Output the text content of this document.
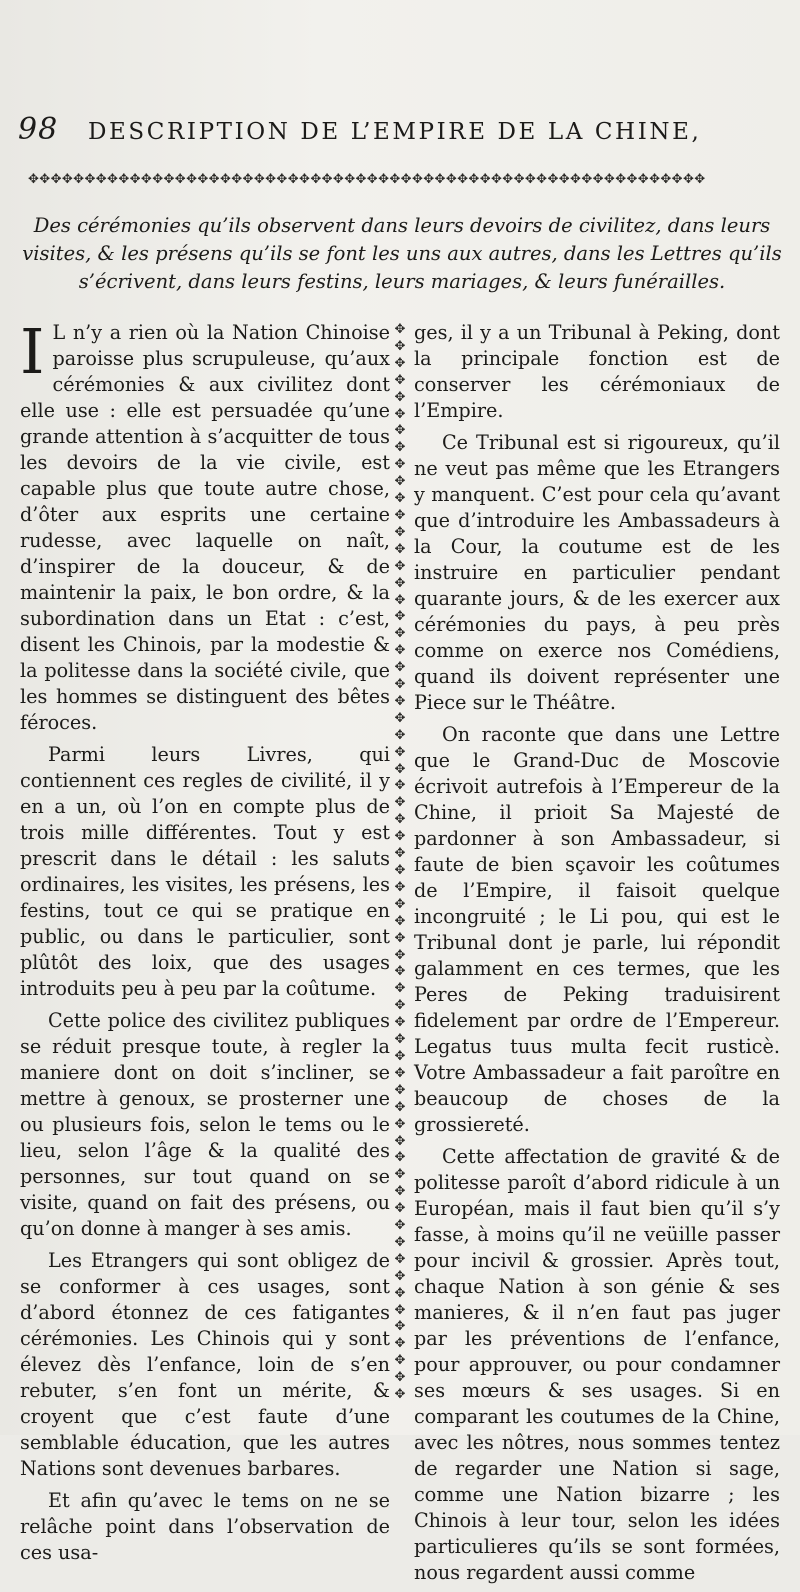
98	DESCRIPTION DE L’EMPIRE DE LA CHINE,
✥✥✥✥✥✥✥✥✥✥✥✥✥✥✥✥✥✥✥✥✥✥✥✥✥✥✥✥✥✥✥✥✥✥✥✥✥✥✥✥✥✥✥✥✥✥✥✥✥✥✥✥✥✥✥✥✥✥✥✥
Des cérémonies qu’ils observent dans leurs devoirs de civilitez, dans leurs visites, & les présens qu’ils se font les uns aux autres, dans les Lettres qu’ils s’écrivent, dans leurs festins, leurs mariages, & leurs funérailles.

I L n’y a rien où la Nation Chinoise paroisse plus scrupuleuse, qu’aux cérémonies & aux civilitez dont elle use : elle est persuadée qu’une grande attention à s’acquitter de tous les devoirs de la vie civile, est capable plus que toute autre chose, d’ôter aux esprits une certaine rudesse, avec laquelle on naît, d’inspirer de la douceur, & de maintenir la paix, le bon ordre, & la subordination dans un Etat : c’est, disent les Chinois, par la modestie & la politesse dans la société civile, que les hommes se distinguent des bêtes féroces.

Parmi leurs Livres, qui contiennent ces regles de civilité, il y en a un, où l’on en compte plus de trois mille différentes. Tout y est prescrit dans le détail : les saluts ordinaires, les visites, les présens, les festins, tout ce qui se pratique en public, ou dans le particulier, sont plûtôt des loix, que des usages introduits peu à peu par la coûtume.

Cette police des civilitez publiques se réduit presque toute, à regler la maniere dont on doit s’incliner, se mettre à genoux, se prosterner une ou plusieurs fois, selon le tems ou le lieu, selon l’âge & la qualité des personnes, sur tout quand on se visite, quand on fait des présens, ou qu’on donne à manger à ses amis.

Les Etrangers qui sont obligez de se conformer à ces usages, sont d’abord étonnez de ces fatigantes cérémonies. Les Chinois qui y sont élevez dès l’enfance, loin de s’en rebuter, s’en font un mérite, & croyent que c’est faute d’une semblable éducation, que les autres Nations sont devenues barbares.

Et afin qu’avec le tems on ne se relâche point dans l’observation de ces usa-

✥✥✥✥✥✥✥✥✥✥✥✥✥✥✥✥✥✥✥✥✥✥✥✥✥✥✥✥✥✥✥✥✥✥✥✥✥✥✥✥✥✥✥✥✥✥✥✥✥✥✥✥✥✥✥✥✥✥✥✥✥✥✥✥

ges, il y a un Tribunal à Peking, dont la principale fonction est de conserver les cérémoniaux de l’Empire.

Ce Tribunal est si rigoureux, qu’il ne veut pas même que les Etrangers y manquent. C’est pour cela qu’avant que d’introduire les Ambassadeurs à la Cour, la coutume est de les instruire en particulier pendant quarante jours, & de les exercer aux cérémonies du pays, à peu près comme on exerce nos Comédiens, quand ils doivent représenter une Piece sur le Théâtre.

On raconte que dans une Lettre que le Grand-Duc de Moscovie écrivoit autrefois à l’Empereur de la Chine, il prioit Sa Majesté de pardonner à son Ambassadeur, si faute de bien sçavoir les coûtumes de l’Empire, il faisoit quelque incongruité ; le Li pou, qui est le Tribunal dont je parle, lui répondit galamment en ces termes, que les Peres de Peking traduisirent fidelement par ordre de l’Empereur. Legatus tuus multa fecit rusticè. Votre Ambassadeur a fait paroître en beaucoup de choses de la grossiereté.

Cette affectation de gravité & de politesse paroît d’abord ridicule à un Européan, mais il faut bien qu’il s’y fasse, à moins qu’il ne veüille passer pour incivil & grossier. Après tout, chaque Nation à son génie & ses manieres, & il n’en faut pas juger par les préventions de l’enfance, pour approuver, ou pour condamner ses mœurs & ses usages. Si en comparant les coutumes de la Chine, avec les nôtres, nous sommes tentez de regarder une Nation si sage, comme une Nation bizarre ; les Chinois à leur tour, selon les idées particulieres qu’ils se sont formées, nous regardent aussi comme
